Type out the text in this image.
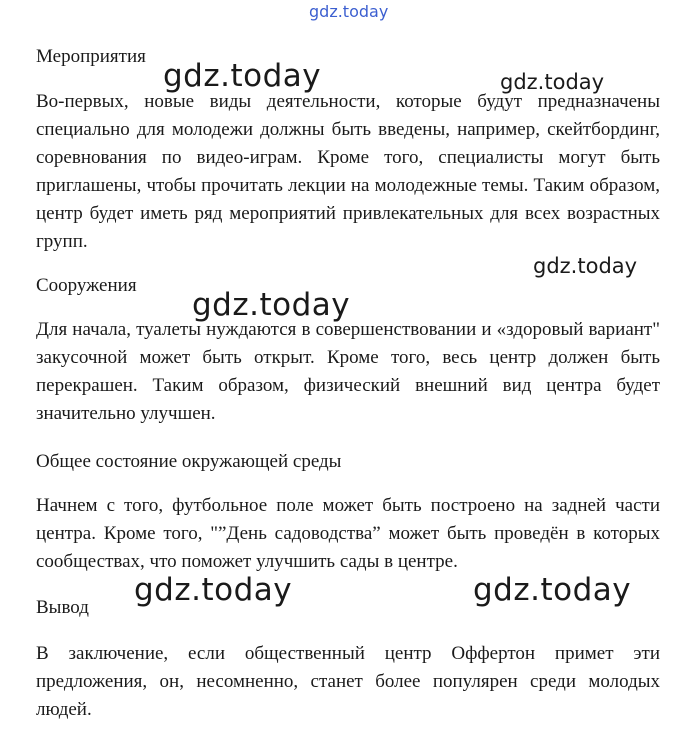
gdz.today
Мероприятия
gdz.today	gdz.today

Во-первых, новые виды деятельности, которые будут предназначены специально для молодежи должны быть введены, например, скейтбординг, соревнования по видео-играм. Кроме того, специалисты могут быть приглашены, чтобы прочитать лекции на молодежные темы. Таким образом, центр будет иметь ряд мероприятий привлекательных для всех возрастных групп.

gdz.today
Сооружения
gdz.today

Для начала, туалеты нуждаются в совершенствовании и «здоровый вариант" закусочной может быть открыт. Кроме того, весь центр должен быть перекрашен. Таким образом, физический внешний вид центра будет значительно улучшен.

Общее состояние окружающей среды

Начнем с того, футбольное поле может быть построено на задней части центра. Кроме того, "”День садоводства” может быть проведён в которых сообществах, что поможет улучшить сады в центре.

gdz.today	gdz.today
Вывод

В заключение, если общественный центр Оффертон примет эти предложения, он, несомненно, станет более популярен среди молодых людей.
